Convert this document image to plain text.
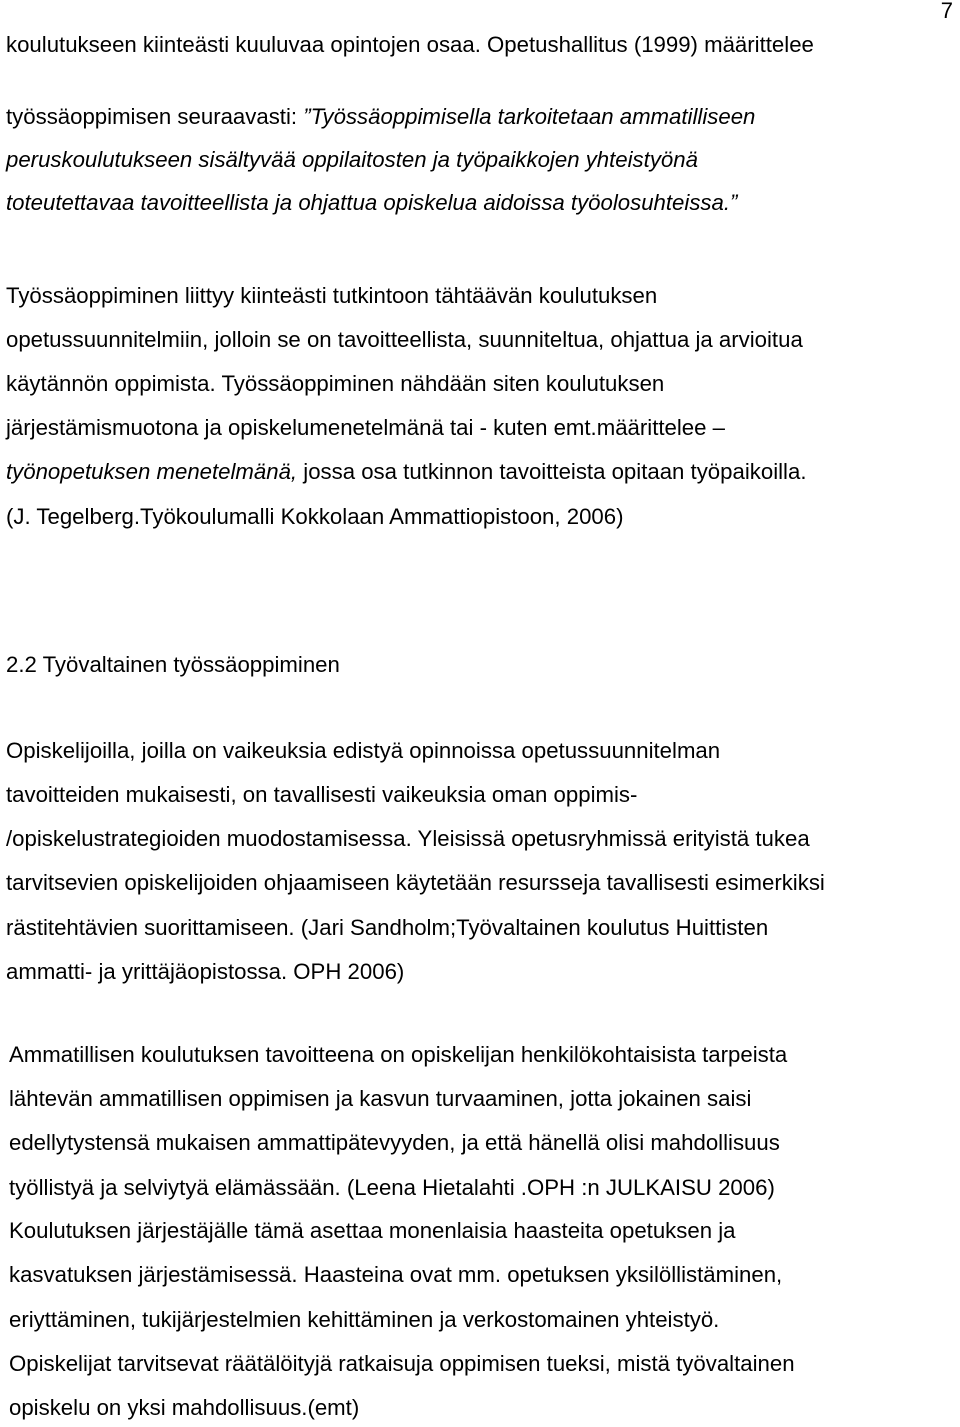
7
koulutukseen kiinteästi kuuluvaa opintojen osaa. Opetushallitus (1999) määrittelee
työssäoppimisen seuraavasti: ”Työssäoppimisella tarkoitetaan ammatilliseen
peruskoulutukseen sisältyvää oppilaitosten ja työpaikkojen yhteistyönä
toteutettavaa tavoitteellista ja ohjattua opiskelua aidoissa työolosuhteissa.”
Työssäoppiminen liittyy kiinteästi tutkintoon tähtäävän koulutuksen
opetussuunnitelmiin, jolloin se on tavoitteellista, suunniteltua, ohjattua ja arvioitua
käytännön oppimista. Työssäoppiminen nähdään siten koulutuksen
järjestämismuotona ja opiskelumenetelmänä tai - kuten emt.määrittelee –
työnopetuksen menetelmänä, jossa osa tutkinnon tavoitteista opitaan työpaikoilla.
(J. Tegelberg.Työkoulumalli Kokkolaan Ammattiopistoon, 2006)
2.2 Työvaltainen työssäoppiminen
Opiskelijoilla, joilla on vaikeuksia edistyä opinnoissa opetussuunnitelman
tavoitteiden mukaisesti, on tavallisesti vaikeuksia oman oppimis-
/opiskelustrategioiden muodostamisessa. Yleisissä opetusryhmissä erityistä tukea
tarvitsevien opiskelijoiden ohjaamiseen käytetään resursseja tavallisesti esimerkiksi
rästitehtävien suorittamiseen. (Jari Sandholm;Työvaltainen koulutus Huittisten
ammatti- ja yrittäjäopistossa. OPH 2006)
Ammatillisen koulutuksen tavoitteena on opiskelijan henkilökohtaisista tarpeista
lähtevän ammatillisen oppimisen ja kasvun turvaaminen, jotta jokainen saisi
edellytystensä mukaisen ammattipätevyyden, ja että hänellä olisi mahdollisuus
työllistyä ja selviytyä elämässään. (Leena Hietalahti .OPH :n JULKAISU 2006)
Koulutuksen järjestäjälle tämä asettaa monenlaisia haasteita opetuksen ja
kasvatuksen järjestämisessä. Haasteina ovat mm. opetuksen yksilöllistäminen,
eriyttäminen, tukijärjestelmien kehittäminen ja verkostomainen yhteistyö.
Opiskelijat tarvitsevat räätälöityjä ratkaisuja oppimisen tueksi, mistä työvaltainen
opiskelu on yksi mahdollisuus.(emt)
